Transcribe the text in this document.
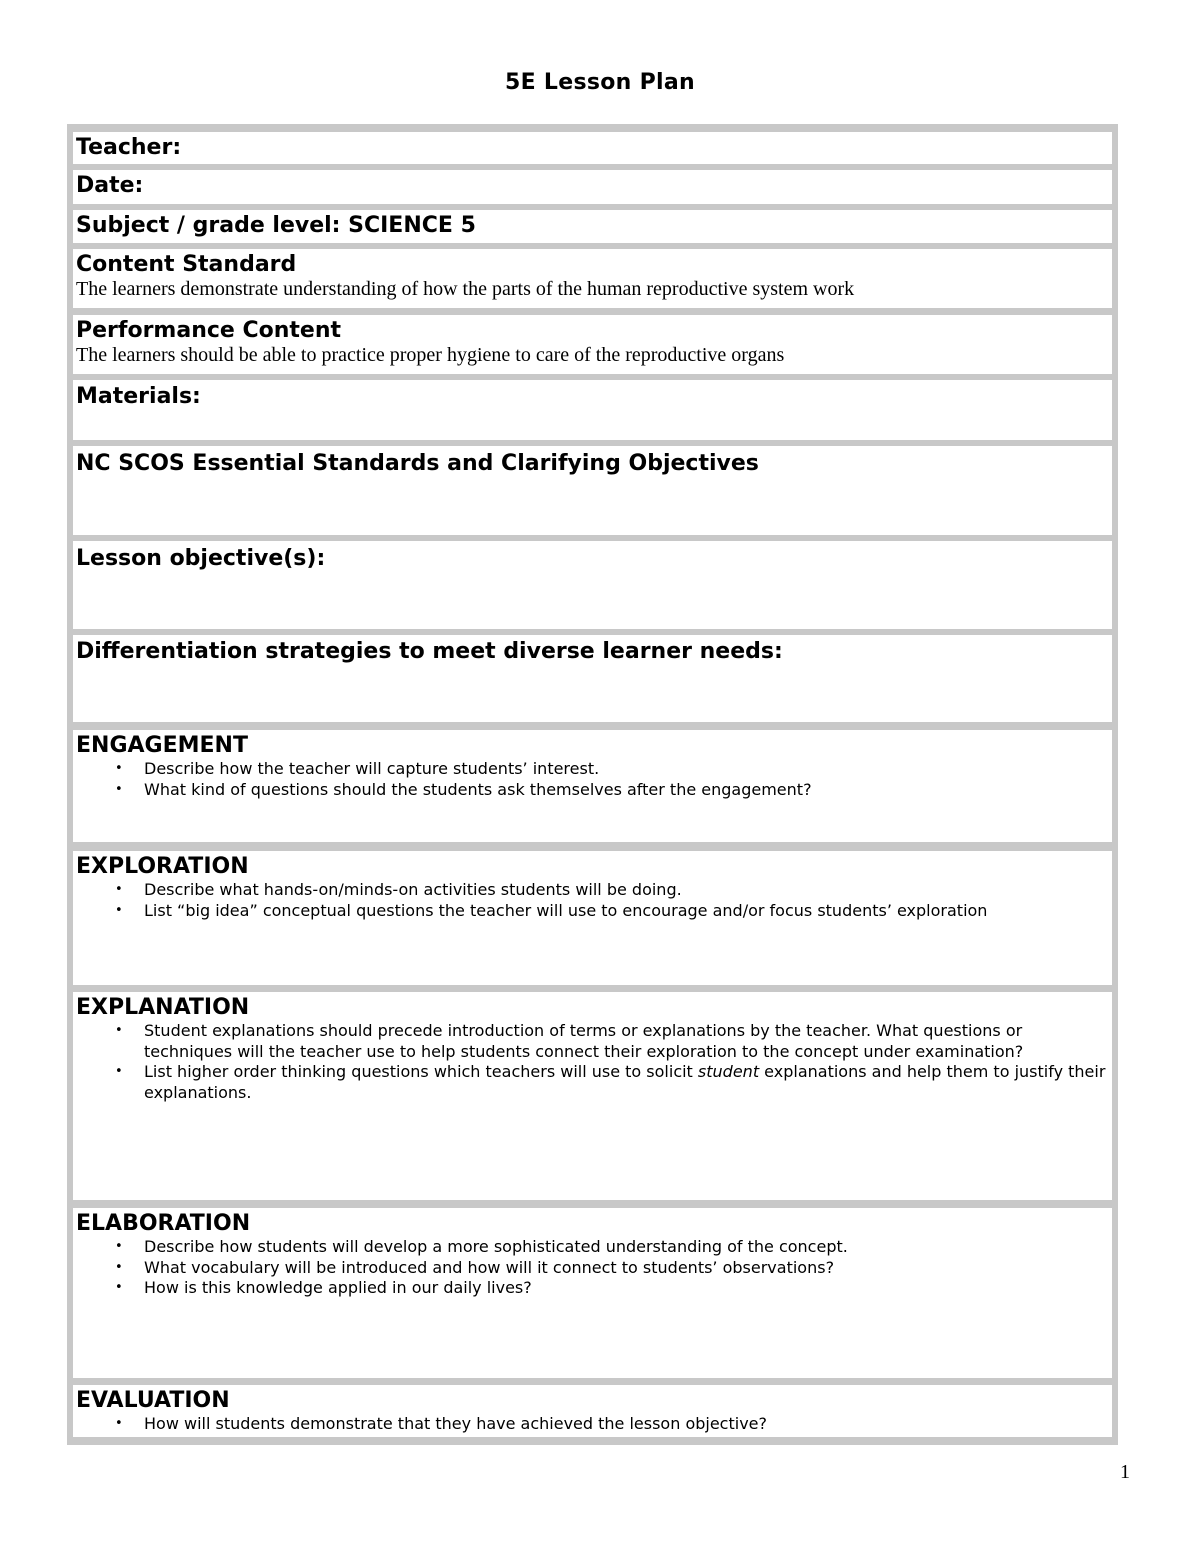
5E Lesson Plan
Teacher:
Date:
Subject / grade level: SCIENCE 5
Content Standard
The learners demonstrate understanding of how the parts of the human reproductive system work
Performance Content
The learners should be able to practice proper hygiene to care of the reproductive organs
Materials:
NC SCOS Essential Standards and Clarifying Objectives
Lesson objective(s):
Differentiation strategies to meet diverse learner needs:
ENGAGEMENT
• Describe how the teacher will capture students’ interest.
• What kind of questions should the students ask themselves after the engagement?
EXPLORATION
• Describe what hands-on/minds-on activities students will be doing.
• List “big idea” conceptual questions the teacher will use to encourage and/or focus students’ exploration
EXPLANATION
• Student explanations should precede introduction of terms or explanations by the teacher. What questions or techniques will the teacher use to help students connect their exploration to the concept under examination?
• List higher order thinking questions which teachers will use to solicit student explanations and help them to justify their explanations.
ELABORATION
• Describe how students will develop a more sophisticated understanding of the concept.
• What vocabulary will be introduced and how will it connect to students’ observations?
• How is this knowledge applied in our daily lives?
EVALUATION
• How will students demonstrate that they have achieved the lesson objective?
1
